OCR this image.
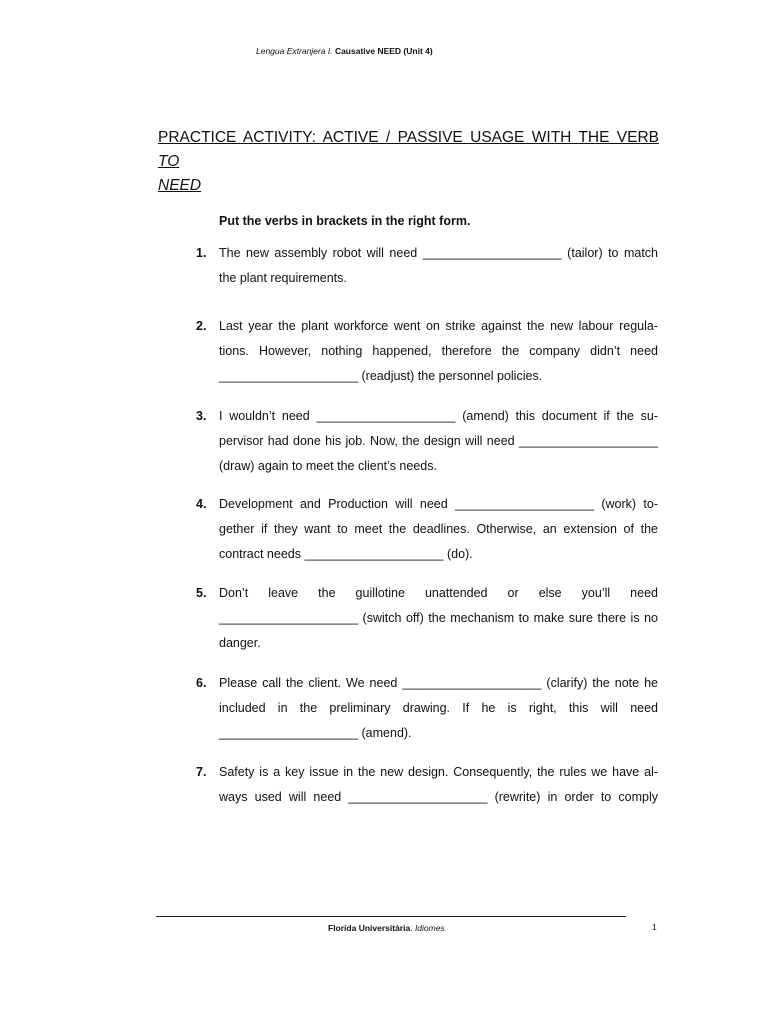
Lengua Extranjera I. Causative NEED (Unit 4)
PRACTICE ACTIVITY: ACTIVE / PASSIVE USAGE WITH THE VERB TO
NEED
Put the verbs in brackets in the right form.
1. The new assembly robot will need ____________________ (tailor) to match
the plant requirements.
2. Last year the plant workforce went on strike against the new labour regula-
tions. However, nothing happened, therefore the company didn’t need
____________________ (readjust) the personnel policies.
3. I wouldn’t need ____________________ (amend) this document if the su-
pervisor had done his job. Now, the design will need ____________________
(draw) again to meet the client’s needs.
4. Development and Production will need ____________________ (work) to-
gether if they want to meet the deadlines. Otherwise, an extension of the
contract needs ____________________ (do).
5. Don’t leave the guillotine unattended or else you’ll need
____________________ (switch off) the mechanism to make sure there is no
danger.
6. Please call the client. We need ____________________ (clarify) the note he
included in the preliminary drawing. If he is right, this will need
____________________ (amend).
7. Safety is a key issue in the new design. Consequently, the rules we have al-
ways used will need ____________________ (rewrite) in order to comply
Florida Universitària. Idiomes	1
